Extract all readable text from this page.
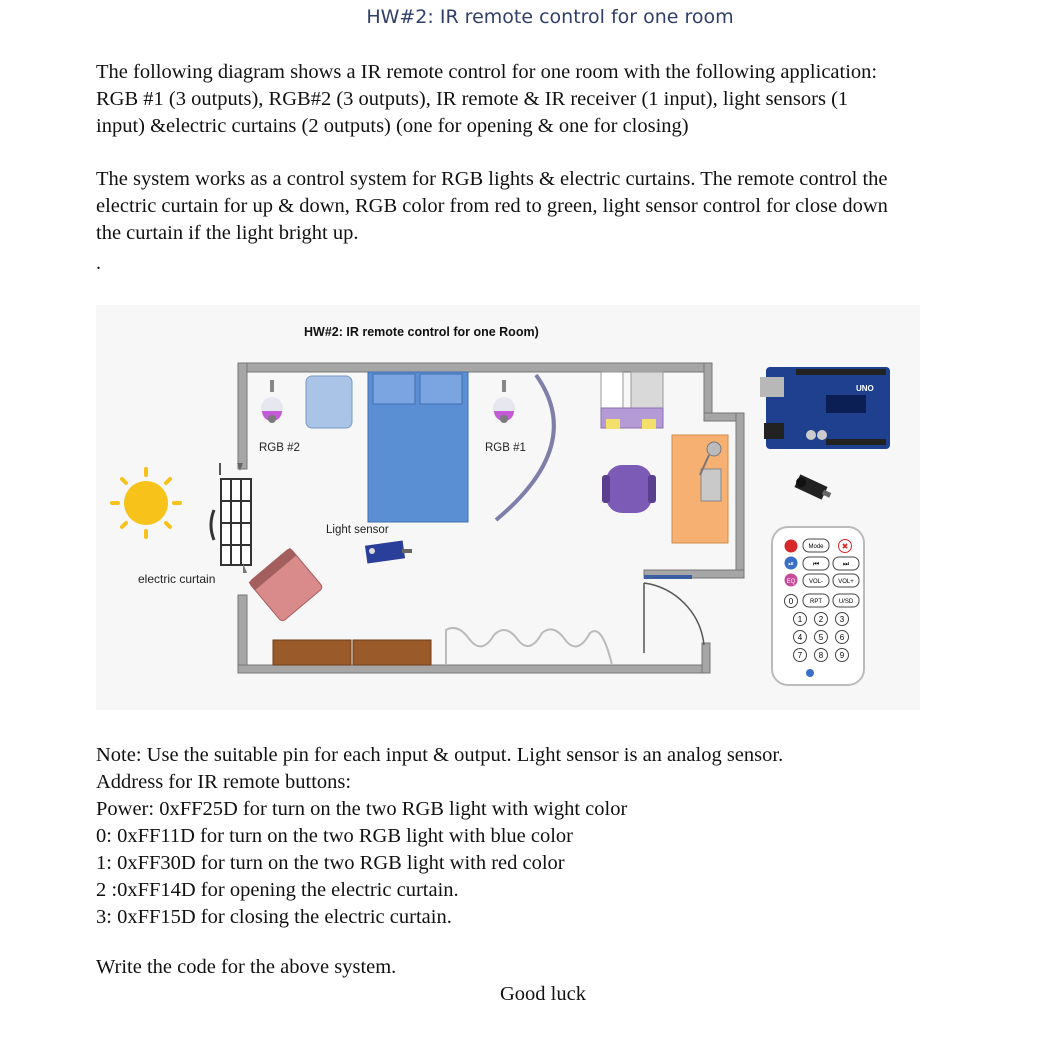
HW#2: IR remote control for one room

The following diagram shows a IR remote control for one room with the following application:

RGB #1 (3 outputs), RGB#2 (3 outputs), IR remote & IR receiver (1 input), light sensors (1

input) &electric curtains (2 outputs) (one for opening & one for closing)

The system works as a control system for RGB lights & electric curtains. The remote control the

electric curtain for up & down, RGB color from red to green, light sensor control for close down

the curtain if the light bright up.

.
HW#2: IR remote control for one Room)
electric curtain
RGB #2	RGB #1
Light sensor
UNO
⏯
EQ
Mode ✖
⏮	⏭
VOL-	VOL+
0	RPT	U/SD
1 2 3
4 5 6
7 8 9
Note: Use the suitable pin for each input & output. Light sensor is an analog sensor.
Address for IR remote buttons:
Power: 0xFF25D for turn on the two RGB light with wight color
0: 0xFF11D for turn on the two RGB light with blue color
1: 0xFF30D for turn on the two RGB light with red color
2 :0xFF14D for opening the electric curtain.
3: 0xFF15D for closing the electric curtain.
Write the code for the above system.
Good luck
